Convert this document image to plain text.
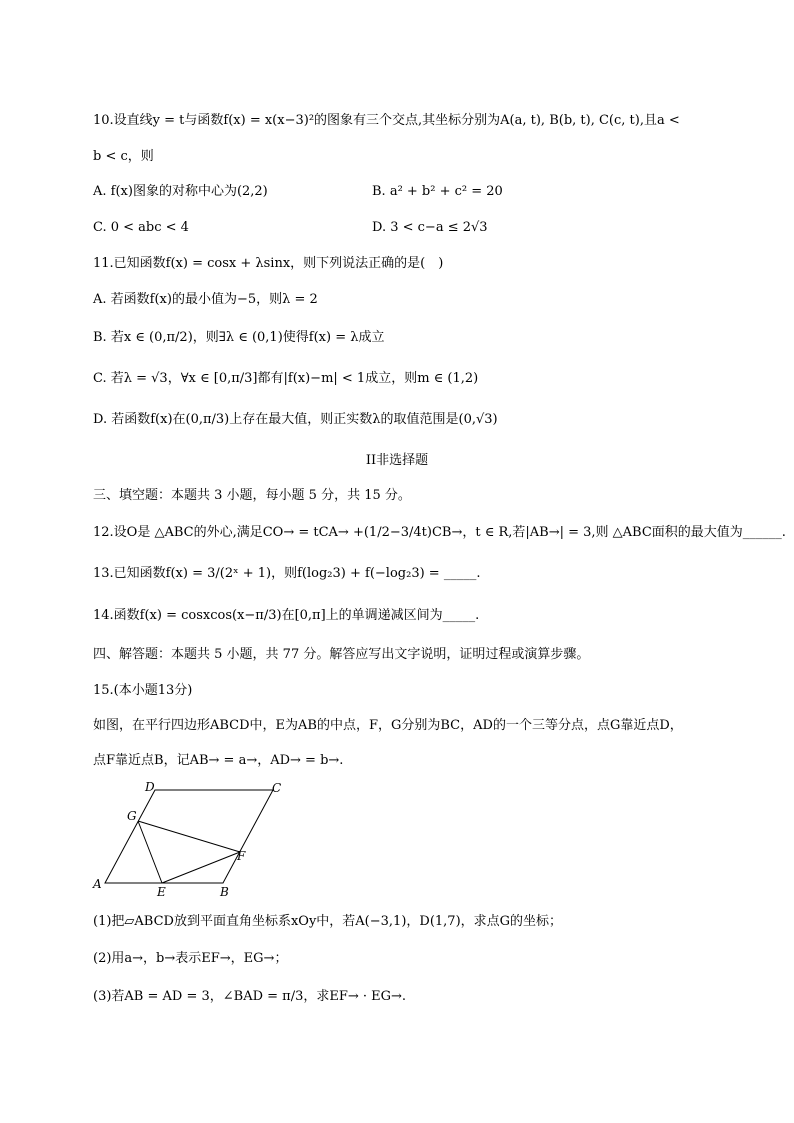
10.设直线y = t与函数f(x) = x(x−3)²的图象有三个交点,其坐标分别为A(a, t), B(b, t), C(c, t),且a <
b < c，则
A. f(x)图象的对称中心为(2,2)	B. a² + b² + c² = 20
C. 0 < abc < 4	D. 3 < c−a ≤ 2√3
11.已知函数f(x) = cosx + λsinx，则下列说法正确的是(　)
A. 若函数f(x)的最小值为−5，则λ = 2
B. 若x ∈ (0,π/2)，则∃λ ∈ (0,1)使得f(x) = λ成立
C. 若λ = √3，∀x ∈ [0,π/3]都有|f(x)−m| < 1成立，则m ∈ (1,2)
D. 若函数f(x)在(0,π/3)上存在最大值，则正实数λ的取值范围是(0,√3)
II非选择题
三、填空题：本题共 3 小题，每小题 5 分，共 15 分。
12.设O是 △ABC的外心,满足CO→ = tCA→ +(1/2−3/4t)CB→，t ∈ R,若|AB→| = 3,则 △ABC面积的最大值为______.
13.已知函数f(x) = 3/(2ˣ + 1)，则f(log₂3) + f(−log₂3) = _____.
14.函数f(x) = cosxcos(x−π/3)在[0,π]上的单调递减区间为_____.
四、解答题：本题共 5 小题，共 77 分。解答应写出文字说明，证明过程或演算步骤。
15.(本小题13分)
如图，在平行四边形ABCD中，E为AB的中点，F，G分别为BC，AD的一个三等分点，点G靠近点D，
点F靠近点B，记AB→ = a→，AD→ = b→.
A
B
C
D
E
F
G
(1)把▱ABCD放到平面直角坐标系xOy中，若A(−3,1)，D(1,7)，求点G的坐标；
(2)用a→，b→表示EF→，EG→；
(3)若AB = AD = 3，∠BAD = π/3，求EF→ · EG→.
